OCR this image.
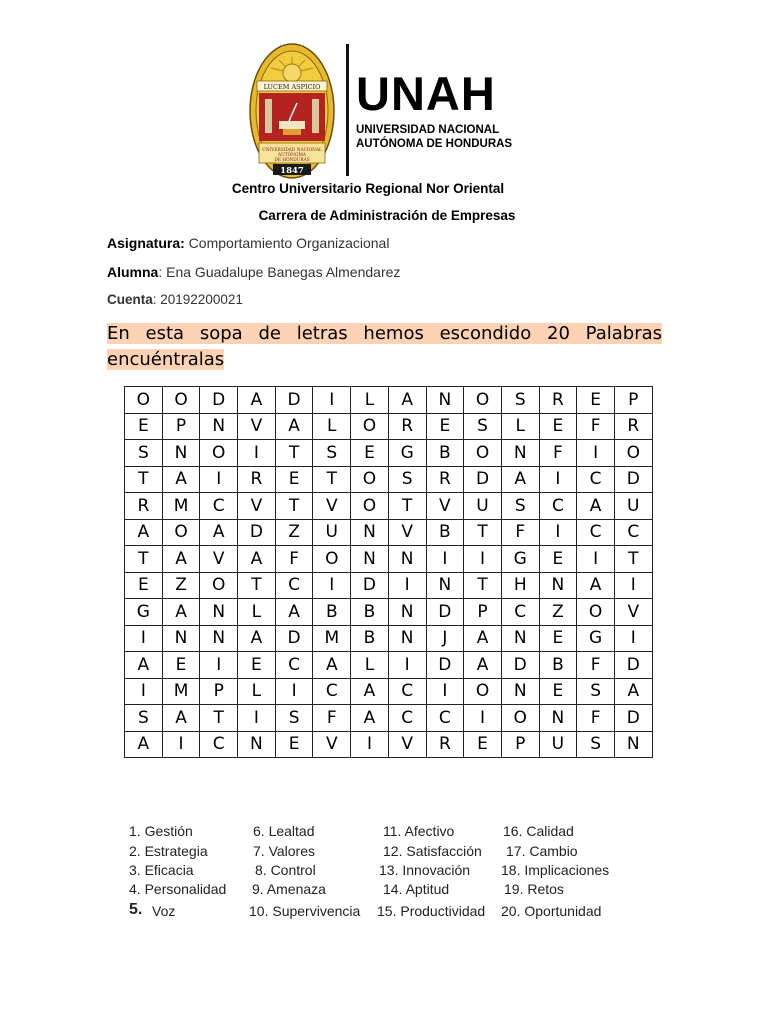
LUCEM ASPICIO
UNIVERSIDAD NACIONAL
AUTÓNOMA
DE HONDURAS
1847
UNAH
UNIVERSIDAD NACIONAL
AUTÓNOMA DE HONDURAS
Centro Universitario Regional Nor Oriental
Carrera de Administración de Empresas
Asignatura: Comportamiento Organizacional
Alumna: Ena Guadalupe Banegas Almendarez
Cuenta: 20192200021
En esta sopa de letras hemos escondido 20 Palabras
encuéntralas
O	O	D	A	D	I	L	A	N	O	S	R	E	P
E	P	N	V	A	L	O	R	E	S	L	E	F	R
S	N	O	I	T	S	E	G	B	O	N	F	I	O
T	A	I	R	E	T	O	S	R	D	A	I	C	D
R	M	C	V	T	V	O	T	V	U	S	C	A	U
A	O	A	D	Z	U	N	V	B	T	F	I	C	C
T	A	V	A	F	O	N	N	I	I	G	E	I	T
E	Z	O	T	C	I	D	I	N	T	H	N	A	I
G	A	N	L	A	B	B	N	D	P	C	Z	O	V
I	N	N	A	D	M	B	N	J	A	N	E	G	I
A	E	I	E	C	A	L	I	D	A	D	B	F	D
I	M	P	L	I	C	A	C	I	O	N	E	S	A
S	A	T	I	S	F	A	C	C	I	O	N	F	D
A	I	C	N	E	V	I	V	R	E	P	U	S	N
1. Gestión
2. Estrategia
3. Eficacia
4. Personalidad
5. Voz
6. Lealtad
7. Valores
8. Control
9. Amenaza
10. Supervivencia
11. Afectivo
12. Satisfacción
13. Innovación
14. Aptitud
15. Productividad
16. Calidad
17. Cambio
18. Implicaciones
19. Retos
20. Oportunidad
